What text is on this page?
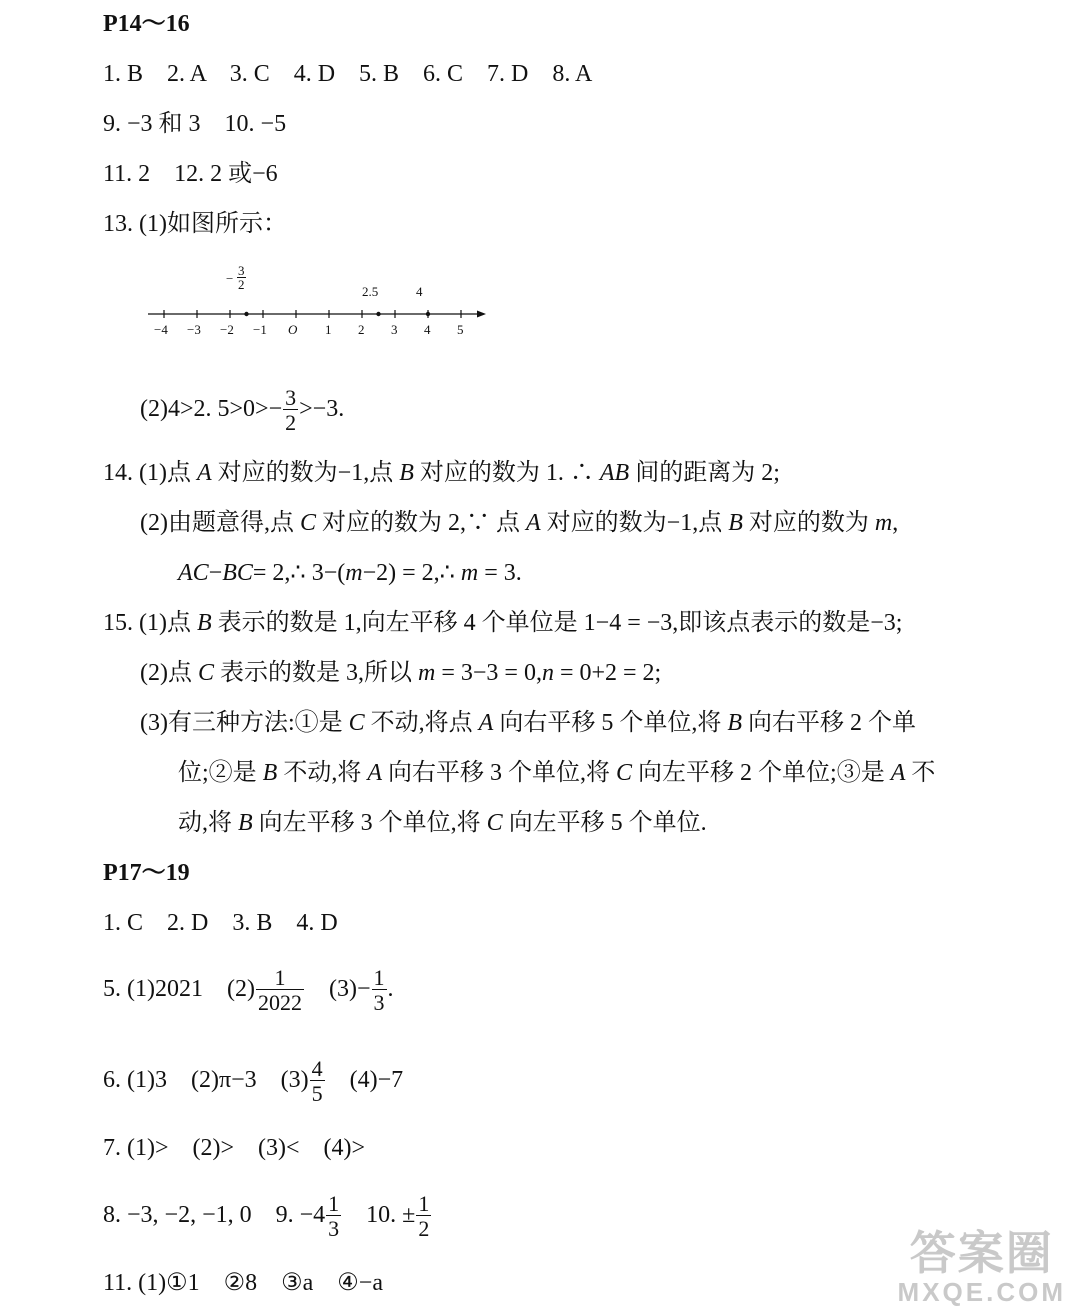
P14～16
1. B　2. A　3. C　4. D　5. B　6. C　7. D　8. A
9. −3 和 3　10. −5
11. 2　12. 2 或−6
13. (1)如图所示：
− $\frac{3}{2}$
2.5	4
−4 −3 −2 −1 O 1 2 3 4 5
(2)4>2. $5>0>- \frac{3}{2} >-3$.
14. (1)点 A 对应的数为−1,点 B 对应的数为 1. ∴ AB 间的距离为 2;
(2)由题意得,点 C 对应的数为 2,∵ 点 A 对应的数为−1,点 B 对应的数为 m,
AC−BC= 2,∴ 3−(m−2) = 2,∴ m = 3.
15. (1)点 B 表示的数是 1,向左平移 4 个单位是 1−4 = −3,即该点表示的数是−3;
(2)点 C 表示的数是 3,所以 m = 3−3 = 0,n = 0+2 = 2;
(3)有三种方法:①是 C 不动,将点 A 向右平移 5 个单位,将 B 向右平移 2 个单
位;②是 B 不动,将 A 向右平移 3 个单位,将 C 向左平移 2 个单位;③是 A 不
动,将 B 向左平移 3 个单位,将 C 向左平移 5 个单位.
P17～19
1. C　2. D　3. B　4. D
5. (1)2021　$(2) \frac{1}{2022}$ 　$(3)- \frac{1}{3}$ .
6. (1)3　(2)π−3　$(3) \frac{4}{5}$ 　(4)−7
7. (1)>　(2)>　(3)<　(4)>
8. −3, −2, −1, 0　9. $-4 \frac{1}{3}$ 　10. ± $\frac{1}{2}$
11. (1)①1　②8　③a　④−a
答案圈
MXQE.COM
